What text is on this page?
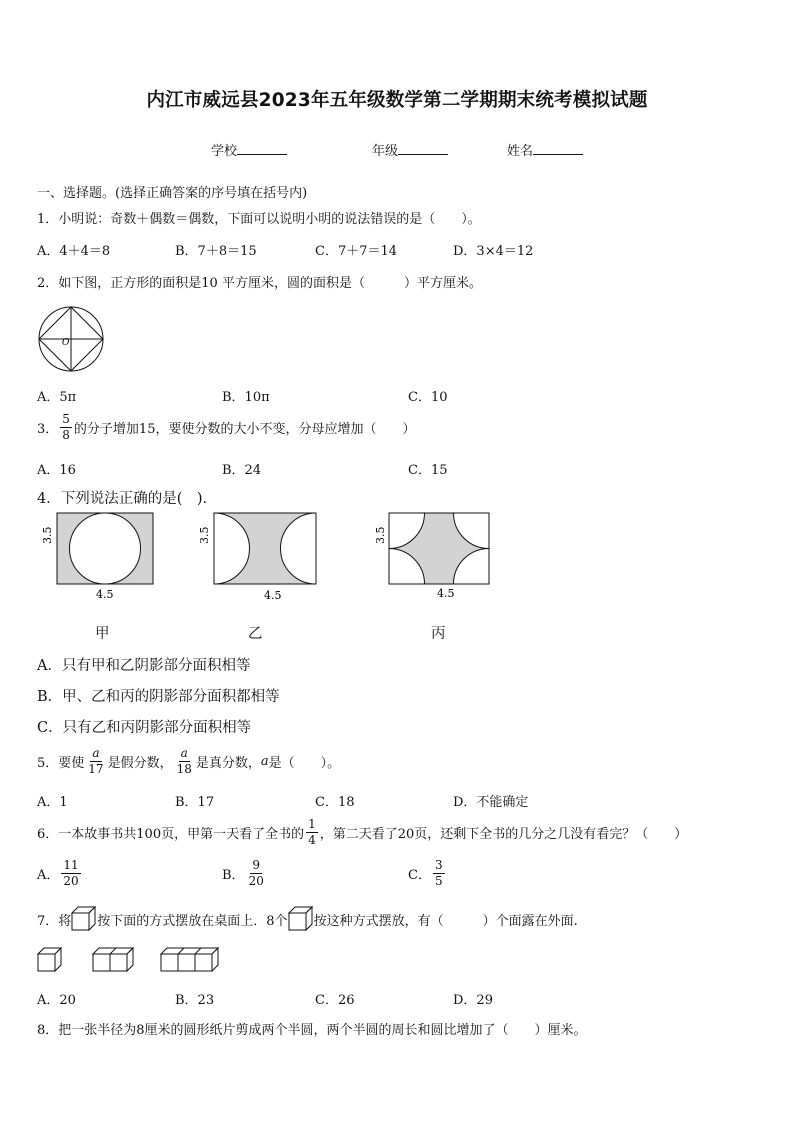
内江市威远县2023年五年级数学第二学期期末统考模拟试题
学校	年级	姓名
一、选择题。(选择正确答案的序号填在括号内)
1．小明说：奇数＋偶数＝偶数，下面可以说明小明的说法错误的是（　　）。
A．4＋4＝8	B．7＋8＝15	C．7＋7＝14	D．3×4＝12
2．如下图，正方形的面积是10 平方厘米，圆的面积是（　　　）平方厘米。
O
A．5π	B．10π	C．10
3． $\frac{5}{8}$ 的分子增加15，要使分数的大小不变，分母应增加（　　）
A．16	B．24	C．15
4．下列说法正确的是(　)．
3.5
4.5
3.5
4.5
3.5
4.5
甲	乙	丙
A．只有甲和乙阴影部分面积相等
B．甲、乙和丙的阴影部分面积都相等
C．只有乙和丙阴影部分面积相等
5．要使 $\frac{a}{17}$ 是假分数， $\frac{a}{18}$ 是真分数， a 是（　　）。
A．1	B．17	C．18	D．不能确定
6．一本故事书共100页，甲第一天看了全书的 $\frac{1}{4}$ ，第二天看了20页，还剩下全书的几分之几没有看完？（　　）
A． $\frac{11}{20}$	B． $\frac{9}{20}$	C． $\frac{3}{5}$
7．将 按下面的方式摆放在桌面上．8个 按这种方式摆放，有（　　　）个面露在外面.
A．20	B．23	C．26	D．29
8．把一张半径为8厘米的圆形纸片剪成两个半圆，两个半圆的周长和圆比增加了（　　）厘米。
